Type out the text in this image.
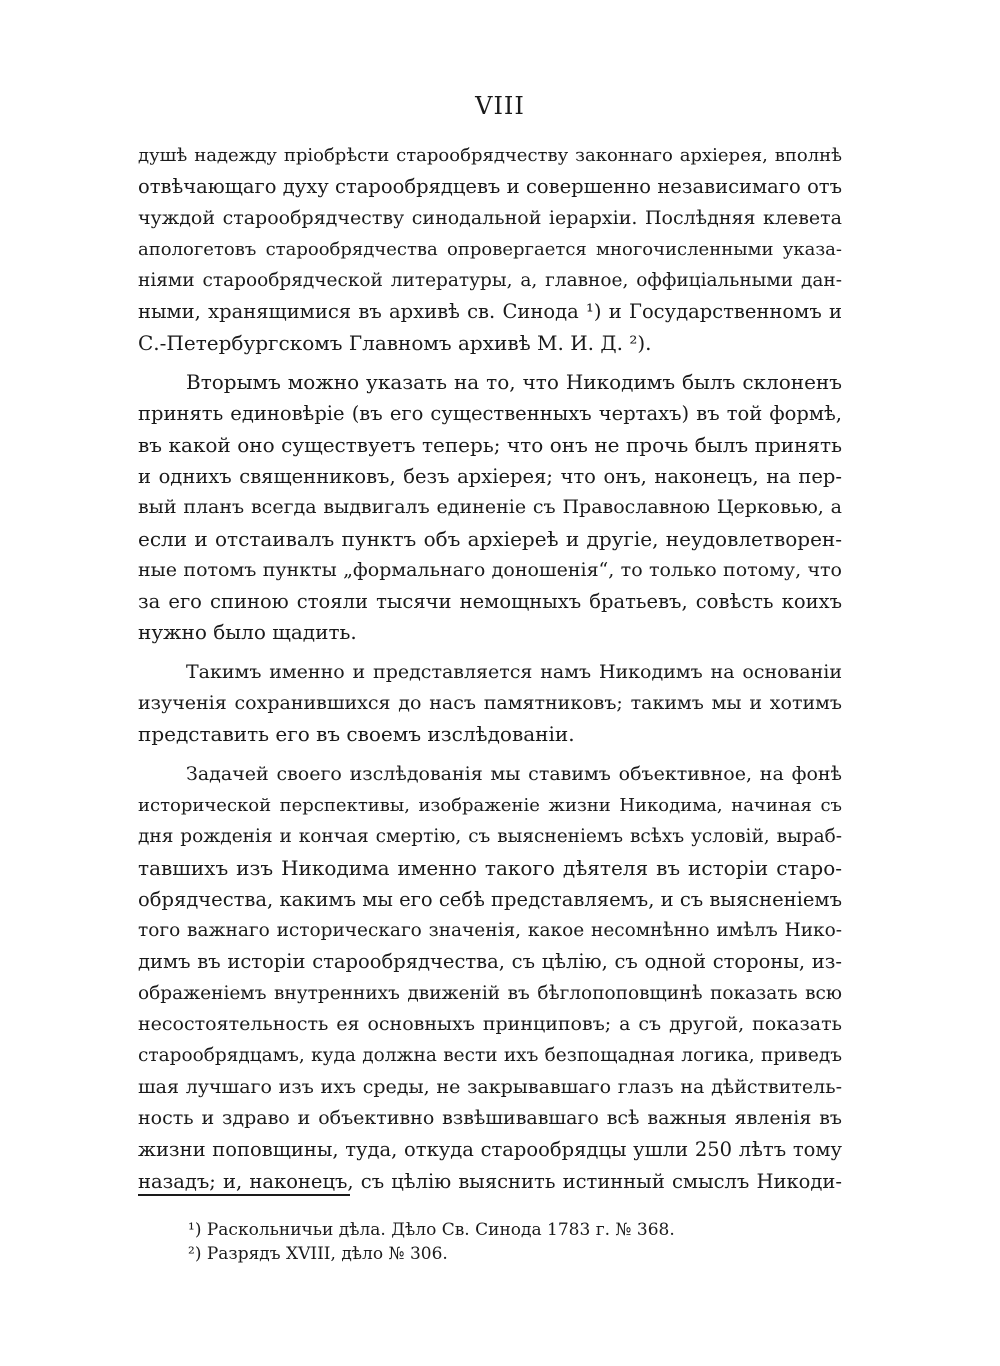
VIII
душѣ надежду пріобрѣсти старообрядчеству законнаго архіерея, вполнѣ
отвѣчающаго духу старообрядцевъ и совершенно независимаго отъ
чуждой старообрядчеству синодальной іерархіи. Послѣдняя клевета
апологетовъ старообрядчества опровергается многочисленными указа-
ніями старообрядческой литературы, а, главное, оффиціальными дан-
ными, хранящимися въ архивѣ св. Синода ¹) и Государственномъ и
С.-Петербургскомъ Главномъ архивѣ М. И. Д. ²).
Вторымъ можно указать на то, что Никодимъ былъ склоненъ
принять единовѣріе (въ его существенныхъ чертахъ) въ той формѣ,
въ какой оно существуетъ теперь; что онъ не прочь былъ принять
и однихъ священниковъ, безъ архіерея; что онъ, наконецъ, на пер-
вый планъ всегда выдвигалъ единеніе съ Православною Церковью, а
если и отстаивалъ пунктъ объ архіереѣ и другіе, неудовлетворен-
ные потомъ пункты „формальнаго доношенія“, то только потому, что
за его спиною стояли тысячи немощныхъ братьевъ, совѣсть коихъ
нужно было щадить.
Такимъ именно и представляется намъ Никодимъ на основаніи
изученія сохранившихся до насъ памятниковъ; такимъ мы и хотимъ
представить его въ своемъ изслѣдованіи.
Задачей своего изслѣдованія мы ставимъ объективное, на фонѣ
исторической перспективы, изображеніе жизни Никодима, начиная съ
дня рожденія и кончая смертію, съ выясненіемъ всѣхъ условій, выраб-
тавшихъ изъ Никодима именно такого дѣятеля въ исторіи старо-
обрядчества, какимъ мы его себѣ представляемъ, и съ выясненіемъ
того важнаго историческаго значенія, какое несомнѣнно имѣлъ Нико-
димъ въ исторіи старообрядчества, съ цѣлію, съ одной стороны, из-
ображеніемъ внутреннихъ движеній въ бѣглопоповщинѣ показать всю
несостоятельность ея основныхъ принциповъ; а съ другой, показать
старообрядцамъ, куда должна вести ихъ безпощадная логика, приведъ
шая лучшаго изъ ихъ среды, не закрывавшаго глазъ на дѣйствитель-
ность и здраво и объективно взвѣшивавшаго всѣ важныя явленія въ
жизни поповщины, туда, откуда старообрядцы ушли 250 лѣтъ тому
назадъ; и, наконецъ, съ цѣлію выяснить истинный смыслъ Никоди-
¹) Раскольничьи дѣла. Дѣло Св. Синода 1783 г. № 368.
²) Разрядъ XVIII, дѣло № 306.
